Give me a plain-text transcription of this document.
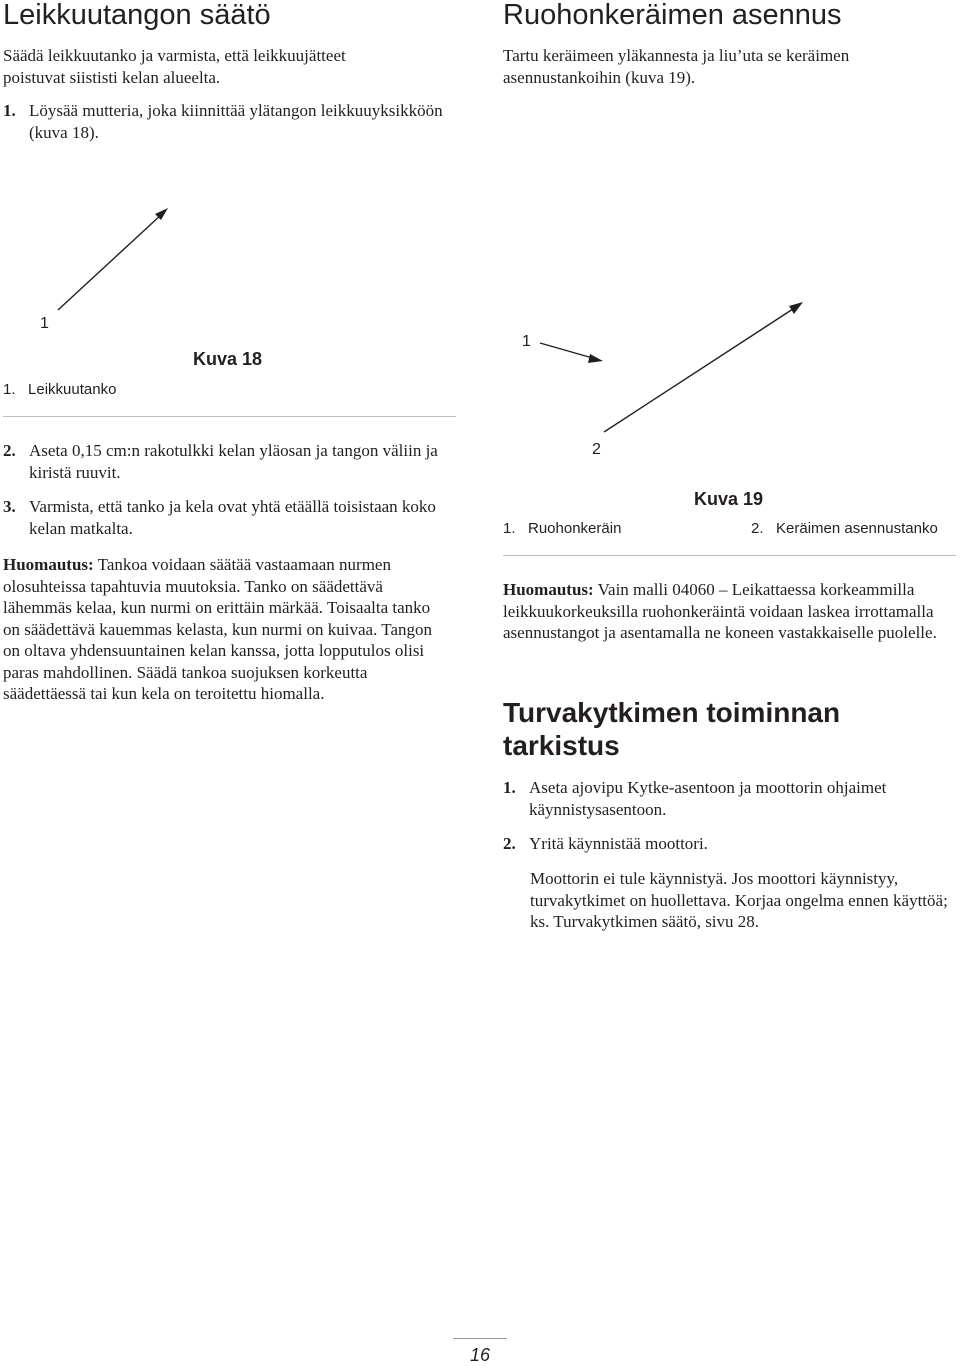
Leikkuutangon säätö

Säädä leikkuutanko ja varmista, että leikkuujätteet poistuvat siististi kelan alueelta.

1. Löysää mutteria, joka kiinnittää ylätangon leikkuuyksikköön (kuva 18).
1
Kuva 18
1.   Leikkuutanko
2. Aseta 0,15 cm:n rakotulkki kelan yläosan ja tangon väliin ja kiristä ruuvit.
3. Varmista, että tanko ja kela ovat yhtä etäällä toisistaan koko kelan matkalta.

Huomautus: Tankoa voidaan säätää vastaamaan nurmen olosuhteissa tapahtuvia muutoksia. Tanko on säädettävä lähemmäs kelaa, kun nurmi on erittäin märkää. Toisaalta tanko on säädettävä kauemmas kelasta, kun nurmi on kuivaa. Tangon on oltava yhdensuuntainen kelan kanssa, jotta lopputulos olisi paras mahdollinen. Säädä tankoa suojuksen korkeutta säädettäessä tai kun kela on teroitettu hiomalla.

Ruohonkeräimen asennus

Tartu keräimeen yläkannesta ja liu’uta se keräimen asennustankoihin (kuva 19).

1
2
Kuva 19
1.   Ruohonkeräin	2.   Keräimen asennustanko

Huomautus: Vain malli 04060 – Leikattaessa korkeammilla leikkuukorkeuksilla ruohonkeräintä voidaan laskea irrottamalla asennustangot ja asentamalla ne koneen vastakkaiselle puolelle.

Turvakytkimen toiminnan tarkistus
1. Aseta ajovipu Kytke-asentoon ja moottorin ohjaimet käynnistysasentoon.
2. Yritä käynnistää moottori.

Moottorin ei tule käynnistyä. Jos moottori käynnistyy, turvakytkimet on huollettava. Korjaa ongelma ennen käyttöä; ks. Turvakytkimen säätö, sivu 28.

16
